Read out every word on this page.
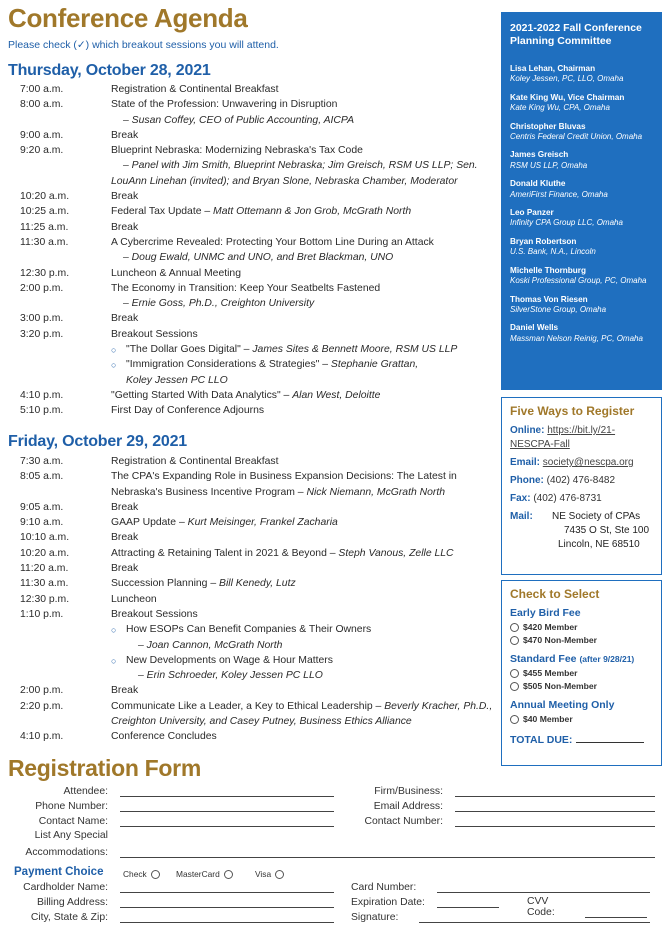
Conference Agenda
Please check (✓) which breakout sessions you will attend.
Thursday, October 28, 2021
7:00 a.m.	Registration & Continental Breakfast
8:00 a.m.	State of the Profession: Unwavering in Disruption
– Susan Coffey, CEO of Public Accounting, AICPA
9:00 a.m.	Break
9:20 a.m.	Blueprint Nebraska: Modernizing Nebraska's Tax Code
– Panel with Jim Smith, Blueprint Nebraska; Jim Greisch, RSM US LLP; Sen. LouAnn Linehan (invited); and Bryan Slone, Nebraska Chamber, Moderator
10:20 a.m.	Break
10:25 a.m.	Federal Tax Update – Matt Ottemann & Jon Grob, McGrath North
11:25 a.m.	Break
11:30 a.m.	A Cybercrime Revealed: Protecting Your Bottom Line During an Attack
– Doug Ewald, UNMC and UNO, and Bret Blackman, UNO
12:30 p.m.	Luncheon & Annual Meeting
2:00 p.m.	The Economy in Transition: Keep Your Seatbelts Fastened
– Ernie Goss, Ph.D., Creighton University
3:00 p.m.	Break
3:20 p.m.	Breakout Sessions
○ "The Dollar Goes Digital" – James Sites & Bennett Moore, RSM US LLP
○ "Immigration Considerations & Strategies" – Stephanie Grattan,
Koley Jessen PC LLO
4:10 p.m.	"Getting Started With Data Analytics" – Alan West, Deloitte
5:10 p.m.	First Day of Conference Adjourns
Friday, October 29, 2021
7:30 a.m.	Registration & Continental Breakfast
8:05 a.m.	The CPA's Expanding Role in Business Expansion Decisions: The Latest in Nebraska's Business Incentive Program – Nick Niemann, McGrath North
9:05 a.m.	Break
9:10 a.m.	GAAP Update – Kurt Meisinger, Frankel Zacharia
10:10 a.m.	Break
10:20 a.m.	Attracting & Retaining Talent in 2021 & Beyond – Steph Vanous, Zelle LLC
11:20 a.m.	Break
11:30 a.m.	Succession Planning – Bill Kenedy, Lutz
12:30 p.m.	Luncheon
1:10 p.m.	Breakout Sessions
○ How ESOPs Can Benefit Companies & Their Owners
– Joan Cannon, McGrath North
○ New Developments on Wage & Hour Matters
– Erin Schroeder, Koley Jessen PC LLO
2:00 p.m.	Break
2:20 p.m.	Communicate Like a Leader, a Key to Ethical Leadership – Beverly Kracher, Ph.D., Creighton University, and Casey Putney, Business Ethics Alliance
4:10 p.m.	Conference Concludes
2021-2022 Fall Conference Planning Committee
Lisa Lehan, Chairman
Koley Jessen, PC, LLO, Omaha
Kate King Wu, Vice Chairman
Kate King Wu, CPA, Omaha
Christopher Bluvas
Centris Federal Credit Union, Omaha
James Greisch
RSM US LLP, Omaha
Donald Kluthe
AmeriFirst Finance, Omaha
Leo Panzer
Infinity CPA Group LLC, Omaha
Bryan Robertson
U.S. Bank, N.A., Lincoln
Michelle Thornburg
Koski Professional Group, PC, Omaha
Thomas Von Riesen
SilverStone Group, Omaha
Daniel Wells
Massman Nelson Reinig, PC, Omaha
Five Ways to Register
Online: https://bit.ly/21-NESCPA-Fall
Email: society@nescpa.org
Phone: (402) 476-8482
Fax: (402) 476-8731
Mail:	NE Society of CPAs
7435 O St, Ste 100
Lincoln, NE 68510
Check to Select
Early Bird Fee
$420 Member
$470 Non-Member
Standard Fee (after 9/28/21)
$455 Member
$505 Non-Member
Annual Meeting Only
$40 Member
TOTAL DUE:
Registration Form
Attendee:
Phone Number:
Contact Name:
Firm/Business:
Email Address:
Contact Number:
List Any Special
Accommodations:
Payment Choice Check	MasterCard	Visa
Cardholder Name:
Billing Address:
City, State & Zip:
Card Number:
Expiration Date:	CVV Code:
Signature:
